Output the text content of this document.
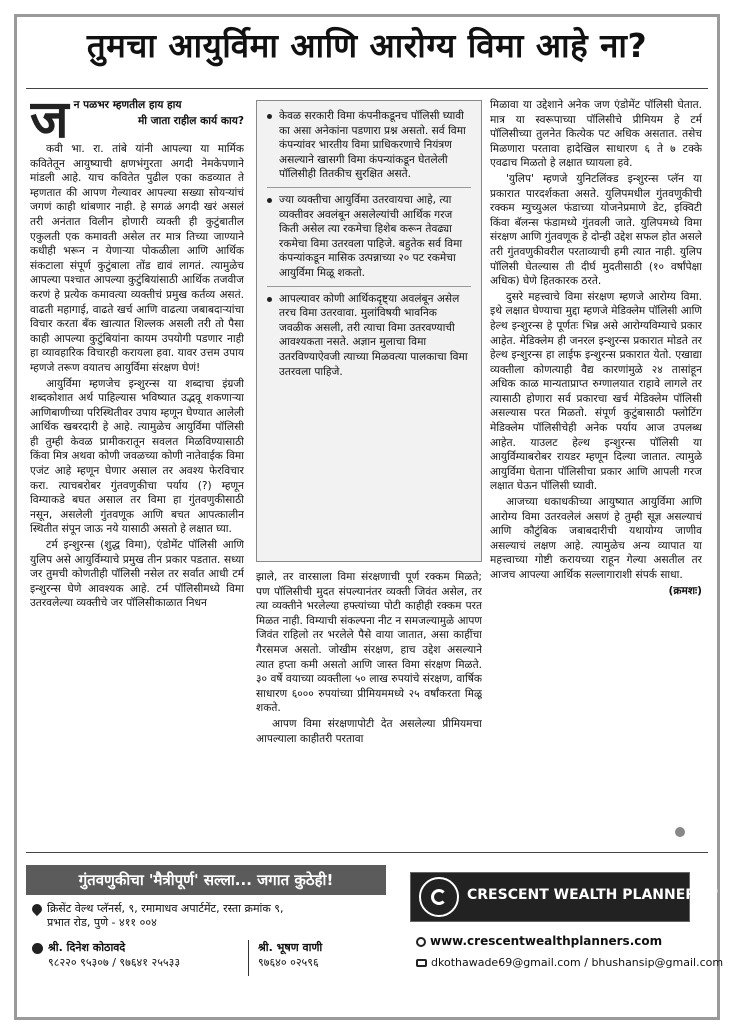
तुमचा आयुर्विमा आणि आरोग्य विमा आहे ना?
ज न पळभर म्हणतील हाय हाय

मी जाता राहील कार्य काय?

कवी भा. रा. तांबे यांनी आपल्या या मार्मिक कवितेतून आयुष्याची क्षणभंगुरता अगदी नेमकेपणाने मांडली आहे. याच कवितेत पुढील एका कडव्यात ते म्हणतात की आपण गेल्यावर आपल्या सख्या सोयऱ्यांचं जगणं काही थांबणार नाही. हे सगळं अगदी खरं असलं तरी अनंतात विलीन होणारी व्यक्ती ही कुटुंबातील एकुलती एक कमावती असेल तर मात्र तिच्या जाण्याने कधीही भरून न येणाऱ्या पोकळीला आणि आर्थिक संकटाला संपूर्ण कुटुंबाला तोंड द्यावं लागतं. त्यामुळेच आपल्या पश्चात आपल्या कुटुंबियांसाठी आर्थिक तजवीज करणं हे प्रत्येक कमावत्या व्यक्तीचं प्रमुख कर्तव्य असतं. वाढती महागाई, वाढते खर्च आणि वाढत्या जबाबदाऱ्यांचा विचार करता बँक खात्यात शिल्लक असली तरी तो पैसा काही आपल्या कुटुंबियांना कायम उपयोगी पडणार नाही हा व्यावहारिक विचारही करायला हवा. यावर उत्तम उपाय म्हणजे तरूण वयातच आयुर्विमा संरक्षण घेणं!

आयुर्विमा म्हणजेच इन्शुरन्स या शब्दाचा इंग्रजी शब्दकोशात अर्थ पाहिल्यास भविष्यात उद्भवू शकणाऱ्या आणिबाणीच्या परिस्थितीवर उपाय म्हणून घेण्यात आलेली आर्थिक खबरदारी हे आहे. त्यामुळेच आयुर्विमा पॉलिसी ही तुम्ही केवळ प्रामीकरातून सवलत मिळविण्यासाठी किंवा मित्र अथवा कोणी जवळच्या कोणी नातेवाईक विमा एजंट आहे म्हणून घेणार असाल तर अवश्य फेरविचार करा. त्याचबरोबर गुंतवणुकीचा पर्याय (?) म्हणून विम्याकडे बघत असाल तर विमा हा गुंतवणुकीसाठी नसून, असलेली गुंतवणूक आणि बचत आपत्कालीन स्थितीत संपून जाऊ नये यासाठी असतो हे लक्षात घ्या.

टर्म इन्शुरन्स (शुद्ध विमा), एंडोमेंट पॉलिसी आणि युलिप असे आयुर्विम्याचे प्रमुख तीन प्रकार पडतात. सध्या जर तुमची कोणतीही पॉलिसी नसेल तर सर्वात आधी टर्म इन्शुरन्स घेणे आवश्यक आहे. टर्म पॉलिसीमध्ये विमा उतरवलेल्या व्यक्तीचे जर पॉलिसीकाळात निधन

केवळ सरकारी विमा कंपनीकडूनच पॉलिसी घ्यावी का असा अनेकांना पडणारा प्रश्न असतो. सर्व विमा कंपन्यांवर भारतीय विमा प्राधिकरणाचे नियंत्रण असल्याने खासगी विमा कंपन्यांकडून घेतलेली पॉलिसीही तितकीच सुरक्षित असते.
ज्या व्यक्तीचा आयुर्विमा उतरवायचा आहे, त्या व्यक्तीवर अवलंबून असलेल्यांची आर्थिक गरज किती असेल त्या रकमेचा हिशेब करून तेवढ्या रकमेचा विमा उतरवला पाहिजे. बहुतेक सर्व विमा कंपन्यांकडून मासिक उत्पन्नाच्या २० पट रकमेचा आयुर्विमा मिळू शकतो.
आपल्यावर कोणी आर्थिकदृष्ट्या अवलंबून असेल तरच विमा उतरवावा. मुलांविषयी भावनिक जवळीक असली, तरी त्याचा विमा उतरवण्याची आवश्यकता नसते. अज्ञान मुलाचा विमा उतरविण्याऐवजी त्याच्या मिळवत्या पालकाचा विमा उतरवला पाहिजे.

झाले, तर वारसाला विमा संरक्षणाची पूर्ण रक्कम मिळते; पण पॉलिसीची मुदत संपल्यानंतर व्यक्ती जिवंत असेल, तर त्या व्यक्तीने भरलेल्या हफ्त्यांच्या पोटी काहीही रक्कम परत मिळत नाही. विम्याची संकल्पना नीट न समजल्यामुळे आपण जिवंत राहिलो तर भरलेले पैसे वाया जातात, असा काहींचा गैरसमज असतो. जोखीम संरक्षण, हाच उद्देश असल्याने त्यात हप्ता कमी असतो आणि जास्त विमा संरक्षण मिळते. ३० वर्षे वयाच्या व्यक्तीला ५० लाख रुपयांचे संरक्षण, वार्षिक साधारण ६००० रुपयांच्या प्रीमियममध्ये २५ वर्षांकरता मिळू शकते.

आपण विमा संरक्षणापोटी देत असलेल्या प्रीमियमचा आपल्याला काहीतरी परतावा

मिळावा या उद्देशाने अनेक जण एंडोमेंट पॉलिसी घेतात. मात्र या स्वरूपाच्या पॉलिसीचे प्रीमियम हे टर्म पॉलिसीच्या तुलनेत कित्येक पट अधिक असतात. तसेच मिळणारा परतावा हादेखिल साधारण ६ ते ७ टक्के एवढाच मिळतो हे लक्षात घ्यायला हवे.

'युलिप' म्हणजे युनिटलिंक्ड इन्शुरन्स प्लॅन या प्रकारात पारदर्शकता असते. युलिपमधील गुंतवणुकीची रक्कम म्युच्युअल फंडाच्या योजनेप्रमाणे डेट, इक्विटी किंवा बॅलन्स फंडामध्ये गुंतवली जाते. युलिपमध्ये विमा संरक्षण आणि गुंतवणूक हे दोन्ही उद्देश सफल होत असले तरी गुंतवणुकीवरील परताव्याची हमी त्यात नाही. युलिप पॉलिसी घेतल्यास ती दीर्घ मुदतीसाठी (१० वर्षांपेक्षा अधिक) घेणे हितकारक ठरते.

दुसरे महत्त्वाचे विमा संरक्षण म्हणजे आरोग्य विमा. इथे लक्षात घेण्याचा मुद्दा म्हणजे मेडिक्लेम पॉलिसी आणि हेल्थ इन्शुरन्स हे पूर्णतः भिन्न असे आरोग्यविम्याचे प्रकार आहेत. मेडिक्लेम ही जनरल इन्शुरन्स प्रकारात मोडते तर हेल्थ इन्शुरन्स हा लाईफ इन्शुरन्स प्रकारात येतो. एखाद्या व्यक्तीला कोणत्याही वैद्य कारणांमुळे २४ तासांहून अधिक काळ मान्यताप्राप्त रुग्णालयात राहावे लागले तर त्यासाठी होणारा सर्व प्रकारचा खर्च मेडिक्लेम पॉलिसी असल्यास परत मिळतो. संपूर्ण कुटुंबासाठी फ्लोटिंग मेडिक्लेम पॉलिसीचेही अनेक पर्याय आज उपलब्ध आहेत. याउलट हेल्थ इन्शुरन्स पॉलिसी या आयुर्विम्याबरोबर रायडर म्हणून दिल्या जातात. त्यामुळे आयुर्विमा घेताना पॉलिसीचा प्रकार आणि आपली गरज लक्षात घेऊन पॉलिसी घ्यावी.

आजच्या धकाधकीच्या आयुष्यात आयुर्विमा आणि आरोग्य विमा उतरवलेलं असणं हे तुम्ही सूज्ञ असल्याचं आणि कौटुंबिक जबाबदारीची यथायोग्य जाणीव असल्याचं लक्षण आहे. त्यामुळेच अन्य व्यापात या महत्त्वाच्या गोष्टी करायच्या राहून गेल्या असतील तर आजच आपल्या आर्थिक सल्लागाराशी संपर्क साधा.

(क्रमशः)

गुंतवणुकीचा 'मैत्रीपूर्ण' सल्ला... जगात कुठेही!
क्रिसेंट वेल्थ प्लॅनर्स, ९, रमामाधव अपार्टमेंट, रस्ता क्रमांक ९,
प्रभात रोड, पुणे - ४११ ००४
श्री. दिनेश कोठावदे
९८२२० ९५३०७ / ९७६४१ २५५३३
श्री. भूषण वाणी
९७६४० ०२५९६
CRESCENT WEALTH PLANNERS™
www.crescentwealthplanners.com
dkothawade69@gmail.com / bhushansip@gmail.com
